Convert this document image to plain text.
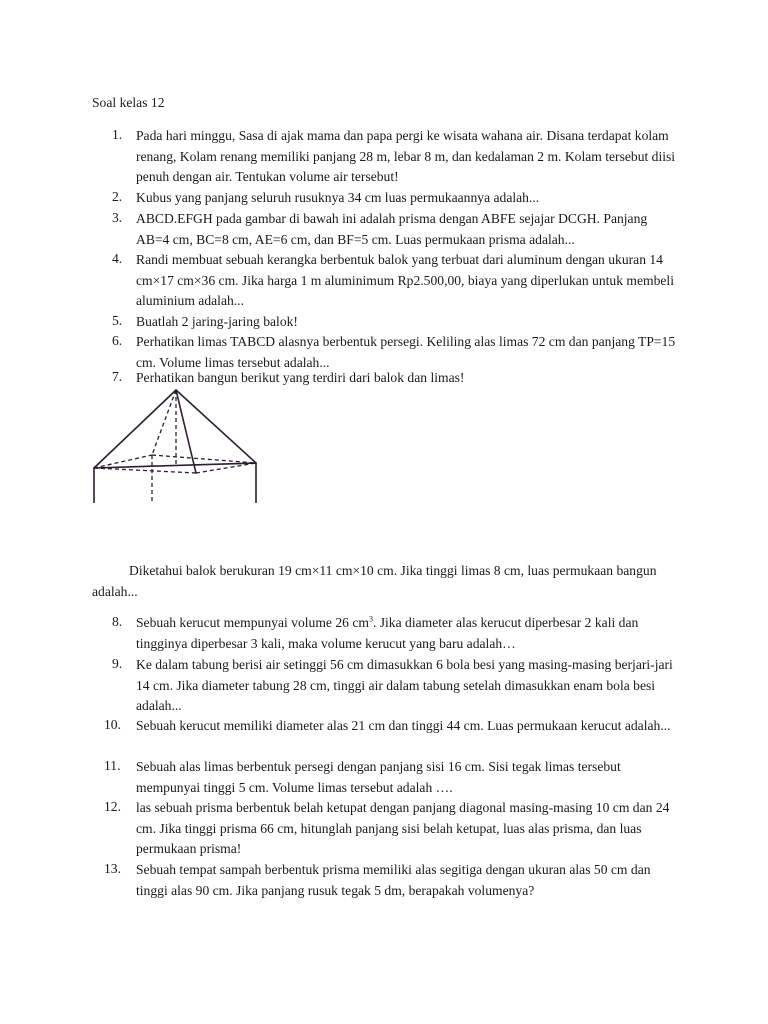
Soal kelas 12
1. Pada hari minggu, Sasa di ajak mama dan papa pergi ke wisata wahana air. Disana terdapat kolam renang, Kolam renang memiliki panjang 28 m, lebar 8 m, dan kedalaman 2 m. Kolam tersebut diisi penuh dengan air. Tentukan volume air tersebut!
2. Kubus yang panjang seluruh rusuknya 34 cm luas permukaannya adalah...
3. ABCD.EFGH pada gambar di bawah ini adalah prisma dengan ABFE sejajar DCGH. Panjang AB=4 cm, BC=8 cm, AE=6 cm, dan BF=5 cm. Luas permukaan prisma adalah...
4. Randi membuat sebuah kerangka berbentuk balok yang terbuat dari aluminum dengan ukuran 14 cm×17 cm×36 cm. Jika harga 1 m aluminimum Rp2.500,00, biaya yang diperlukan untuk membeli aluminium adalah...
5. Buatlah 2 jaring-jaring balok!
6. Perhatikan limas TABCD alasnya berbentuk persegi. Keliling alas limas 72 cm dan panjang TP=15 cm. Volume limas tersebut adalah...
7. Perhatikan bangun berikut yang terdiri dari balok dan limas!
8. Sebuah kerucut mempunyai volume 26 $cm^3$. Jika diameter alas kerucut diperbesar 2 kali dan tingginya diperbesar 3 kali, maka volume kerucut yang baru adalah…
9. Ke dalam tabung berisi air setinggi 56 cm dimasukkan 6 bola besi yang masing-masing berjari-jari 14 cm. Jika diameter tabung 28 cm, tinggi air dalam tabung setelah dimasukkan enam bola besi adalah...
10. Sebuah kerucut memiliki diameter alas 21 cm dan tinggi 44 cm. Luas permukaan kerucut adalah...
11. Sebuah alas limas berbentuk persegi dengan panjang sisi 16 cm. Sisi tegak limas tersebut mempunyai tinggi 5 cm. Volume limas tersebut adalah ….
12. las sebuah prisma berbentuk belah ketupat dengan panjang diagonal masing-masing 10 cm dan 24 cm. Jika tinggi prisma 66 cm, hitunglah panjang sisi belah ketupat, luas alas prisma, dan luas permukaan prisma!
13. Sebuah tempat sampah berbentuk prisma memiliki alas segitiga dengan ukuran alas 50 cm dan tinggi alas 90 cm. Jika panjang rusuk tegak 5 dm, berapakah volumenya?
Diketahui balok berukuran 19 cm×11 cm×10 cm. Jika tinggi limas 8 cm, luas permukaan bangun adalah...
